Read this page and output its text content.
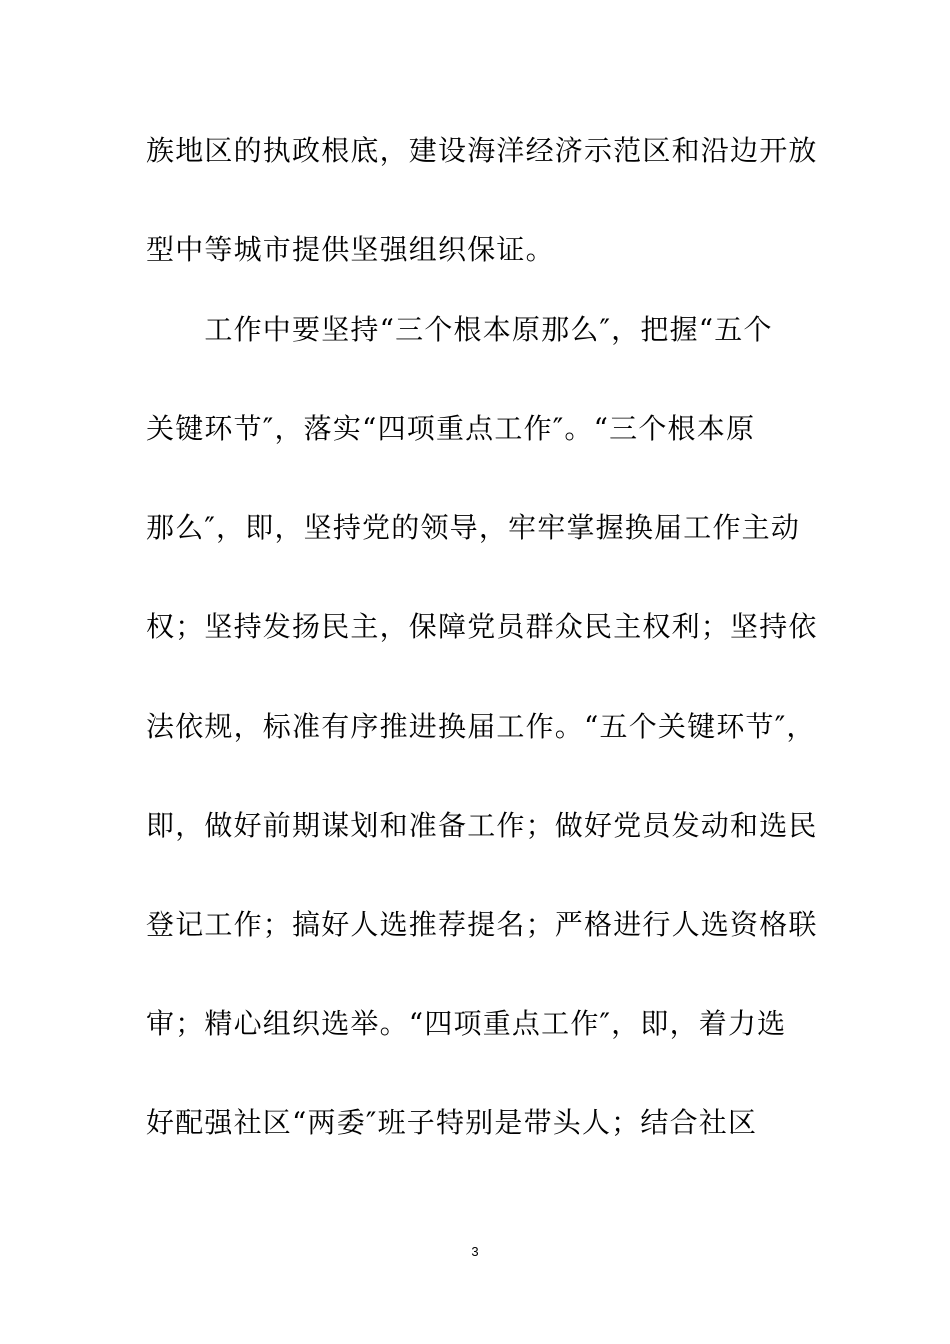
族地区的执政根底，建设海洋经济示范区和沿边开放
型中等城市提供坚强组织保证。
　　工作中要坚持“三个根本原那么″，把握“五个
关键环节″，落实“四项重点工作″。“三个根本原
那么″，即，坚持党的领导，牢牢掌握换届工作主动
权；坚持发扬民主，保障党员群众民主权利；坚持依
法依规，标准有序推进换届工作。“五个关键环节″，
即，做好前期谋划和准备工作；做好党员发动和选民
登记工作；搞好人选推荐提名；严格进行人选资格联
审；精心组织选举。“四项重点工作″，即，着力选
好配强社区“两委″班子特别是带头人；结合社区
3
